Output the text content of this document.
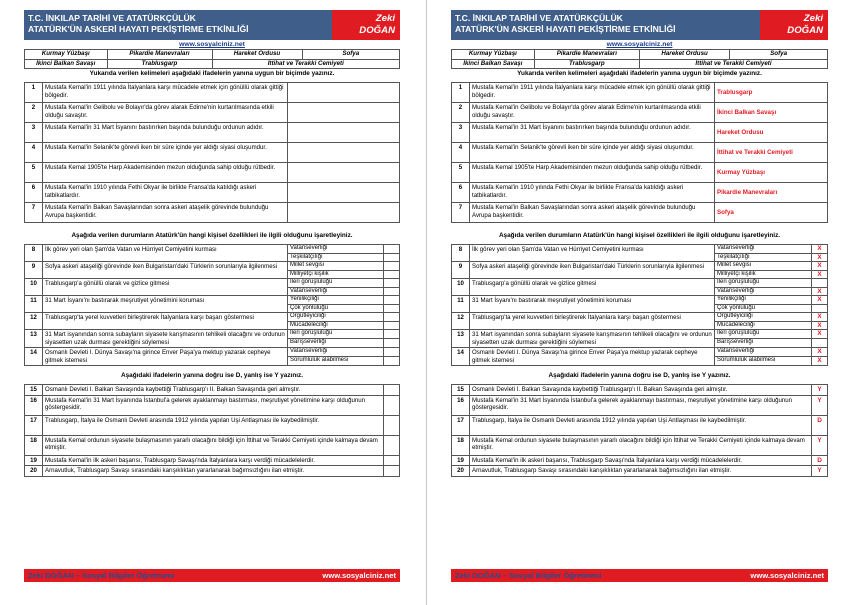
T.C. İNKILAP TARİHİ VE ATATÜRKÇÜLÜK
ATATÜRK'ÜN ASKERİ HAYATI PEKİŞTİRME ETKİNLİĞİ
Zeki
DOĞAN
www.sosyalciniz.net
Kurmay Yüzbaşı	Pikardie Manevraları	Hareket Ordusu	Sofya
İkinci Balkan Savaşı	Trablusgarp	İttihat ve Terakki Cemiyeti	
Yukarıda verilen kelimeleri aşağıdaki ifadelerin yanına uygun bir biçimde yazınız.
1	Mustafa Kemal'in 1911 yılında İtalyanlara karşı mücadele etmek için gönüllü olarak gittiği bölgedir.	
2	Mustafa Kemal'in Gelibolu ve Bolayır'da görev alarak Edirne'nin kurtarılmasında etkili olduğu savaştır.	
3	Mustafa Kemal'in 31 Mart İsyanını bastırırken başında bulunduğu ordunun adıdır.	
4	Mustafa Kemal'in Selanik'te görevli iken bir süre içinde yer aldığı siyasi oluşumdur.	
5	Mustafa Kemal 1905'te Harp Akademisinden mezun olduğunda sahip olduğu rütbedir.	
6	Mustafa Kemal'in 1910 yılında Fethi Okyar ile birlikte Fransa'da katıldığı askeri tatbikatlardır.	
7	Mustafa Kemal'in Balkan Savaşlarından sonra askeri ataşelik görevinde bulunduğu Avrupa başkentidir.	
Aşağıda verilen durumların Atatürk'ün hangi kişisel özellikleri ile ilgili olduğunu işaretleyiniz.
8	İlk görev yeri olan Şam'da Vatan ve Hürriyet Cemiyetini kurması	Vatanseverliği	
		Teşkilatçılığı	
9	Sofya askeri ataşeliği görevinde iken Bulgaristan'daki Türklerin sorunlarıyla ilgilenmesi	Millet sevgisi	
		Milliyetçi kişilik	
10	Trablusgarp'a gönüllü olarak ve gizlice gitmesi	İleri görüşlülüğü	
		Vatanseverliği	
11	31 Mart İsyanı'nı bastırarak meşrutiyet yönetimini koruması	Yenilikçiliği	
		Çok yönlülüğü	
12	Trablusgarp'ta yerel kuvvetleri birleştirerek İtalyanlara karşı başarı göstermesi	Örgütleyiciliği	
		Mücadeleciliği	
13	31 Mart isyanından sonra subayların siyasete karışmasının tehlikeli olacağını ve ordunun siyasetten uzak durması gerektiğini söylemesi	İleri görüşlülüğü	
		Barışseverliği	
14	Osmanlı Devleti I. Dünya Savaşı'na girince Enver Paşa'ya mektup yazarak cepheye gitmek istemesi	Vatanseverliği	
		Sorumluluk alabilmesi	
Aşağıdaki ifadelerin yanına doğru ise D, yanlış ise Y yazınız.
15	Osmanlı Devleti I. Balkan Savaşında kaybettiği Trablusgarp'ı II. Balkan Savaşında geri almıştır.	
16	Mustafa Kemal'in 31 Mart İsyanında İstanbul'a gelerek ayaklanmayı bastırması, meşrutiyet yönetimine karşı olduğunun göstergesidir.	
17	Trablusgarp, İtalya ile Osmanlı Devleti arasında 1912 yılında yapılan Uşi Antlaşması ile kaybedilmiştir.	
18	Mustafa Kemal ordunun siyasete bulaşmasının yararlı olacağını bildiği için İttihat ve Terakki Cemiyeti içinde kalmaya devam etmiştir.	
19	Mustafa Kemal'in ilk askeri başarısı, Trablusgarp Savaşı'nda İtalyanlara karşı verdiği mücadelelerdir.	
20	Arnavutluk, Trablusgarp Savaşı sırasındaki karışıklıktan yararlanarak bağımsızlığını ilan etmiştir.	
Zeki DOĞAN – Sosyal Bilgiler Öğretmeni	www.sosyalciniz.net
T.C. İNKILAP TARİHİ VE ATATÜRKÇÜLÜK
ATATÜRK'ÜN ASKERİ HAYATI PEKİŞTİRME ETKİNLİĞİ
Zeki
DOĞAN
www.sosyalciniz.net
Kurmay Yüzbaşı	Pikardie Manevraları	Hareket Ordusu	Sofya
İkinci Balkan Savaşı	Trablusgarp	İttihat ve Terakki Cemiyeti	
Yukarıda verilen kelimeleri aşağıdaki ifadelerin yanına uygun bir biçimde yazınız.
1	Mustafa Kemal'in 1911 yılında İtalyanlara karşı mücadele etmek için gönüllü olarak gittiği bölgedir.	Trablusgarp
2	Mustafa Kemal'in Gelibolu ve Bolayır'da görev alarak Edirne'nin kurtarılmasında etkili olduğu savaştır.	İkinci Balkan Savaşı
3	Mustafa Kemal'in 31 Mart İsyanını bastırırken başında bulunduğu ordunun adıdır.	Hareket Ordusu
4	Mustafa Kemal'in Selanik'te görevli iken bir süre içinde yer aldığı siyasi oluşumdur.	İttihat ve Terakki Cemiyeti
5	Mustafa Kemal 1905'te Harp Akademisinden mezun olduğunda sahip olduğu rütbedir.	Kurmay Yüzbaşı
6	Mustafa Kemal'in 1910 yılında Fethi Okyar ile birlikte Fransa'da katıldığı askeri tatbikatlardır.	Pikardie Manevraları
7	Mustafa Kemal'in Balkan Savaşlarından sonra askeri ataşelik görevinde bulunduğu Avrupa başkentidir.	Sofya
Aşağıda verilen durumların Atatürk'ün hangi kişisel özellikleri ile ilgili olduğunu işaretleyiniz.
8	İlk görev yeri olan Şam'da Vatan ve Hürriyet Cemiyetini kurması	Vatanseverliği	X
		Teşkilatçılığı	X
9	Sofya askeri ataşeliği görevinde iken Bulgaristan'daki Türklerin sorunlarıyla ilgilenmesi	Millet sevgisi	X
		Milliyetçi kişilik	X
10	Trablusgarp'a gönüllü olarak ve gizlice gitmesi	İleri görüşlülüğü	
		Vatanseverliği	X
11	31 Mart İsyanı'nı bastırarak meşrutiyet yönetimini koruması	Yenilikçiliği	X
		Çok yönlülüğü	
12	Trablusgarp'ta yerel kuvvetleri birleştirerek İtalyanlara karşı başarı göstermesi	Örgütleyiciliği	X
		Mücadeleciliği	X
13	31 Mart isyanından sonra subayların siyasete karışmasının tehlikeli olacağını ve ordunun siyasetten uzak durması gerektiğini söylemesi	İleri görüşlülüğü	X
		Barışseverliği	
14	Osmanlı Devleti I. Dünya Savaşı'na girince Enver Paşa'ya mektup yazarak cepheye gitmek istemesi	Vatanseverliği	X
		Sorumluluk alabilmesi	X
Aşağıdaki ifadelerin yanına doğru ise D, yanlış ise Y yazınız.
15	Osmanlı Devleti I. Balkan Savaşında kaybettiği Trablusgarp'ı II. Balkan Savaşında geri almıştır.	Y
16	Mustafa Kemal'in 31 Mart İsyanında İstanbul'a gelerek ayaklanmayı bastırması, meşrutiyet yönetimine karşı olduğunun göstergesidir.	Y
17	Trablusgarp, İtalya ile Osmanlı Devleti arasında 1912 yılında yapılan Uşi Antlaşması ile kaybedilmiştir.	D
18	Mustafa Kemal ordunun siyasete bulaşmasının yararlı olacağını bildiği için İttihat ve Terakki Cemiyeti içinde kalmaya devam etmiştir.	Y
19	Mustafa Kemal'in ilk askeri başarısı, Trablusgarp Savaşı'nda İtalyanlara karşı verdiği mücadelelerdir.	D
20	Arnavutluk, Trablusgarp Savaşı sırasındaki karışıklıktan yararlanarak bağımsızlığını ilan etmiştir.	Y
Zeki DOĞAN – Sosyal Bilgiler Öğretmeni	www.sosyalciniz.net
